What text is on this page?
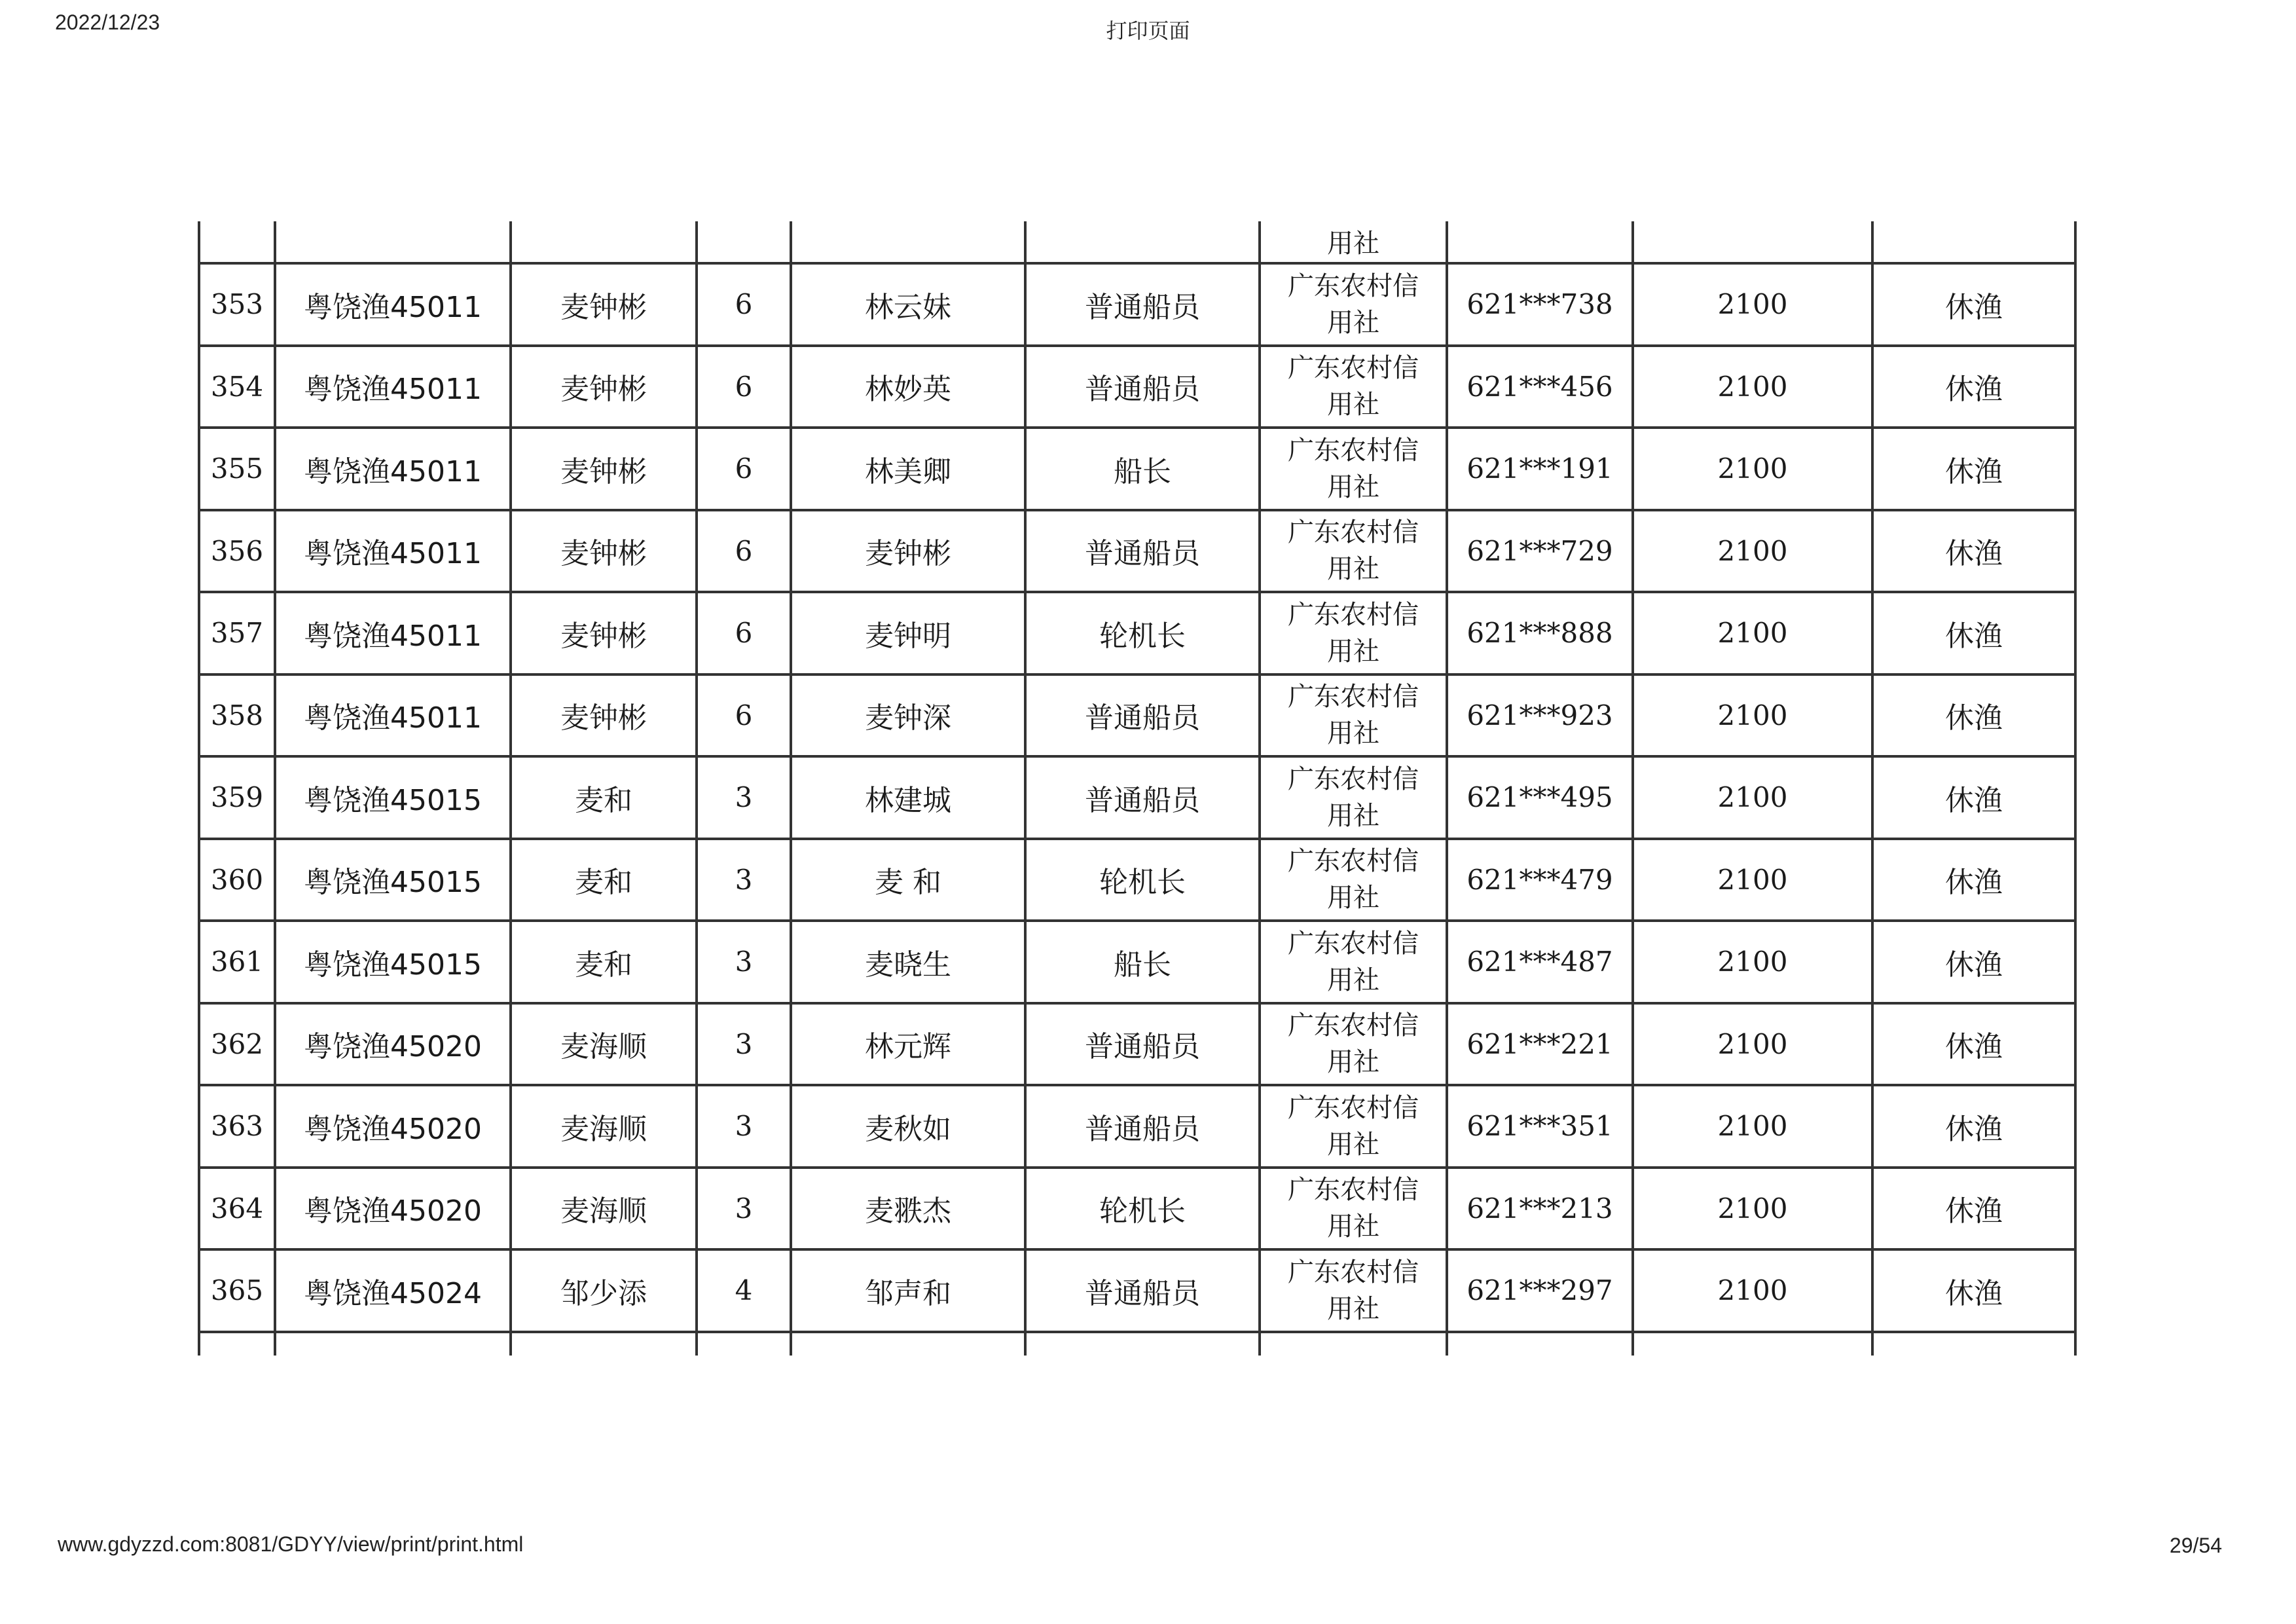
2022/12/23	打印页面
						用社			
353	粤饶渔45011	麦钟彬	6	林云妹	普通船员	广东农村信
用社	621***738	2100	休渔
354	粤饶渔45011	麦钟彬	6	林妙英	普通船员	广东农村信
用社	621***456	2100	休渔
355	粤饶渔45011	麦钟彬	6	林美卿	船长	广东农村信
用社	621***191	2100	休渔
356	粤饶渔45011	麦钟彬	6	麦钟彬	普通船员	广东农村信
用社	621***729	2100	休渔
357	粤饶渔45011	麦钟彬	6	麦钟明	轮机长	广东农村信
用社	621***888	2100	休渔
358	粤饶渔45011	麦钟彬	6	麦钟深	普通船员	广东农村信
用社	621***923	2100	休渔
359	粤饶渔45015	麦和	3	林建城	普通船员	广东农村信
用社	621***495	2100	休渔
360	粤饶渔45015	麦和	3	麦 和	轮机长	广东农村信
用社	621***479	2100	休渔
361	粤饶渔45015	麦和	3	麦晓生	船长	广东农村信
用社	621***487	2100	休渔
362	粤饶渔45020	麦海顺	3	林元辉	普通船员	广东农村信
用社	621***221	2100	休渔
363	粤饶渔45020	麦海顺	3	麦秋如	普通船员	广东农村信
用社	621***351	2100	休渔
364	粤饶渔45020	麦海顺	3	麦翐杰	轮机长	广东农村信
用社	621***213	2100	休渔
365	粤饶渔45024	邹少添	4	邹声和	普通船员	广东农村信
用社	621***297	2100	休渔

www.gdyzzd.com:8081/GDYY/view/print/print.html	29/54
